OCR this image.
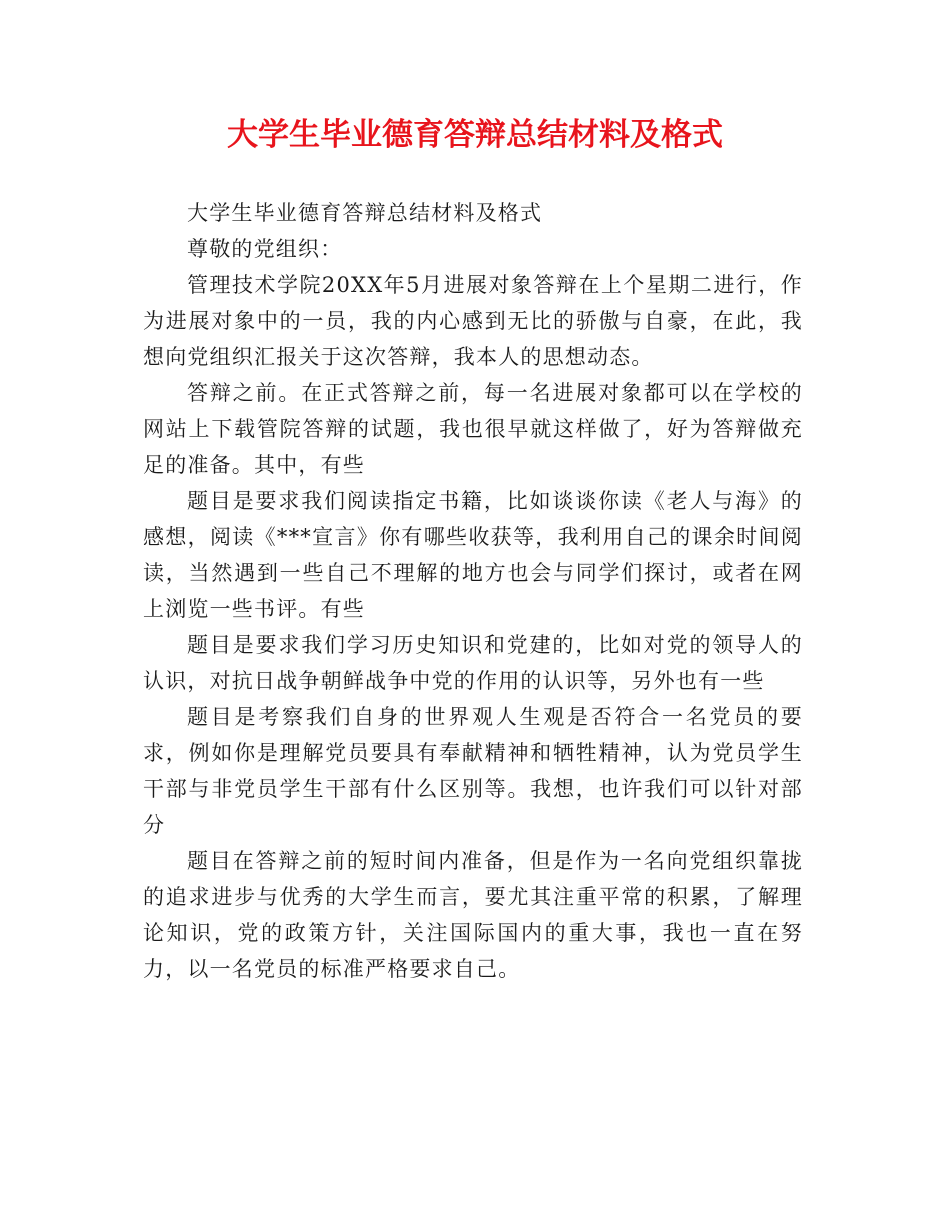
大学生毕业德育答辩总结材料及格式

大学生毕业德育答辩总结材料及格式

尊敬的党组织：

管理技术学院20XX年5月进展对象答辩在上个星期二进行，作为进展对象中的一员，我的内心感到无比的骄傲与自豪，在此，我想向党组织汇报关于这次答辩，我本人的思想动态。

答辩之前。在正式答辩之前，每一名进展对象都可以在学校的网站上下载管院答辩的试题，我也很早就这样做了，好为答辩做充足的准备。其中，有些

题目是要求我们阅读指定书籍，比如谈谈你读《老人与海》的感想，阅读《***宣言》你有哪些收获等，我利用自己的课余时间阅读，当然遇到一些自己不理解的地方也会与同学们探讨，或者在网上浏览一些书评。有些

题目是要求我们学习历史知识和党建的，比如对党的领导人的认识，对抗日战争朝鲜战争中党的作用的认识等，另外也有一些

题目是考察我们自身的世界观人生观是否符合一名党员的要求，例如你是理解党员要具有奉献精神和牺牲精神，认为党员学生干部与非党员学生干部有什么区别等。我想，也许我们可以针对部分

题目在答辩之前的短时间内准备，但是作为一名向党组织靠拢的追求进步与优秀的大学生而言，要尤其注重平常的积累，了解理论知识，党的政策方针，关注国际国内的重大事，我也一直在努力，以一名党员的标准严格要求自己。
